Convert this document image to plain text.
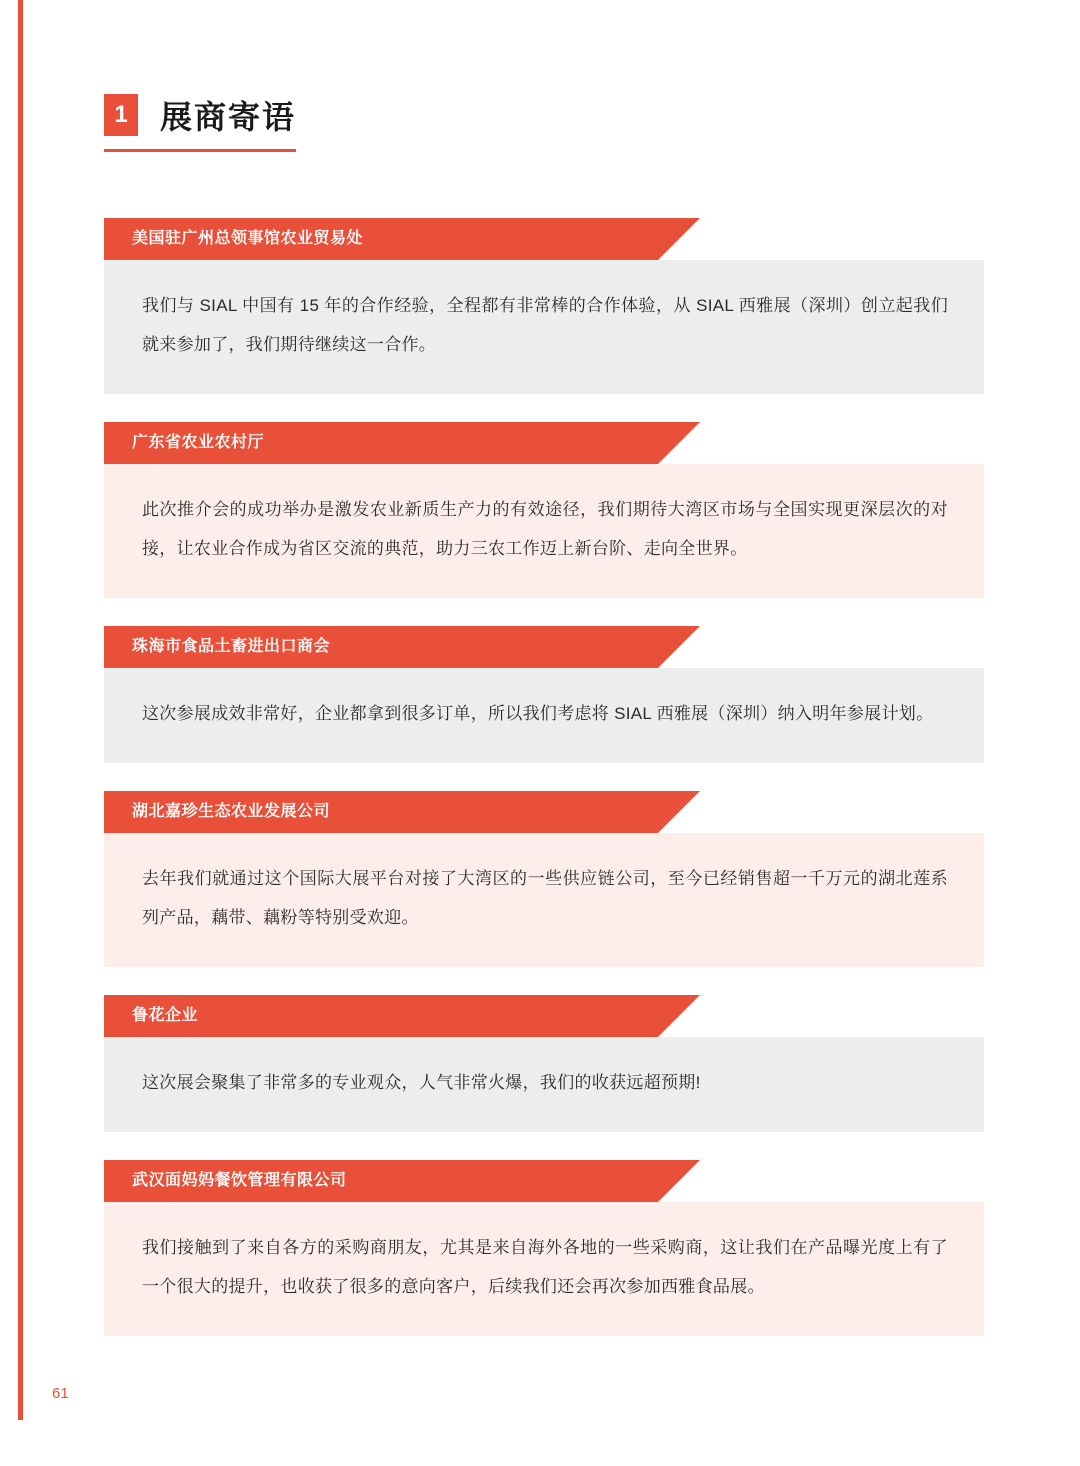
1	展商寄语
美国驻广州总领事馆农业贸易处

我们与 SIAL 中国有 15 年的合作经验，全程都有非常棒的合作体验，从 SIAL 西雅展（深圳）创立起我们就来参加了，我们期待继续这一合作。

广东省农业农村厅

此次推介会的成功举办是激发农业新质生产力的有效途径，我们期待大湾区市场与全国实现更深层次的对接，让农业合作成为省区交流的典范，助力三农工作迈上新台阶、走向全世界。

珠海市食品土畜进出口商会

这次参展成效非常好，企业都拿到很多订单，所以我们考虑将 SIAL 西雅展（深圳）纳入明年参展计划。

湖北嘉珍生态农业发展公司

去年我们就通过这个国际大展平台对接了大湾区的一些供应链公司，至今已经销售超一千万元的湖北莲系列产品，藕带、藕粉等特别受欢迎。

鲁花企业

这次展会聚集了非常多的专业观众，人气非常火爆，我们的收获远超预期!

武汉面妈妈餐饮管理有限公司

我们接触到了来自各方的采购商朋友，尤其是来自海外各地的一些采购商，这让我们在产品曝光度上有了一个很大的提升，也收获了很多的意向客户，后续我们还会再次参加西雅食品展。

61
